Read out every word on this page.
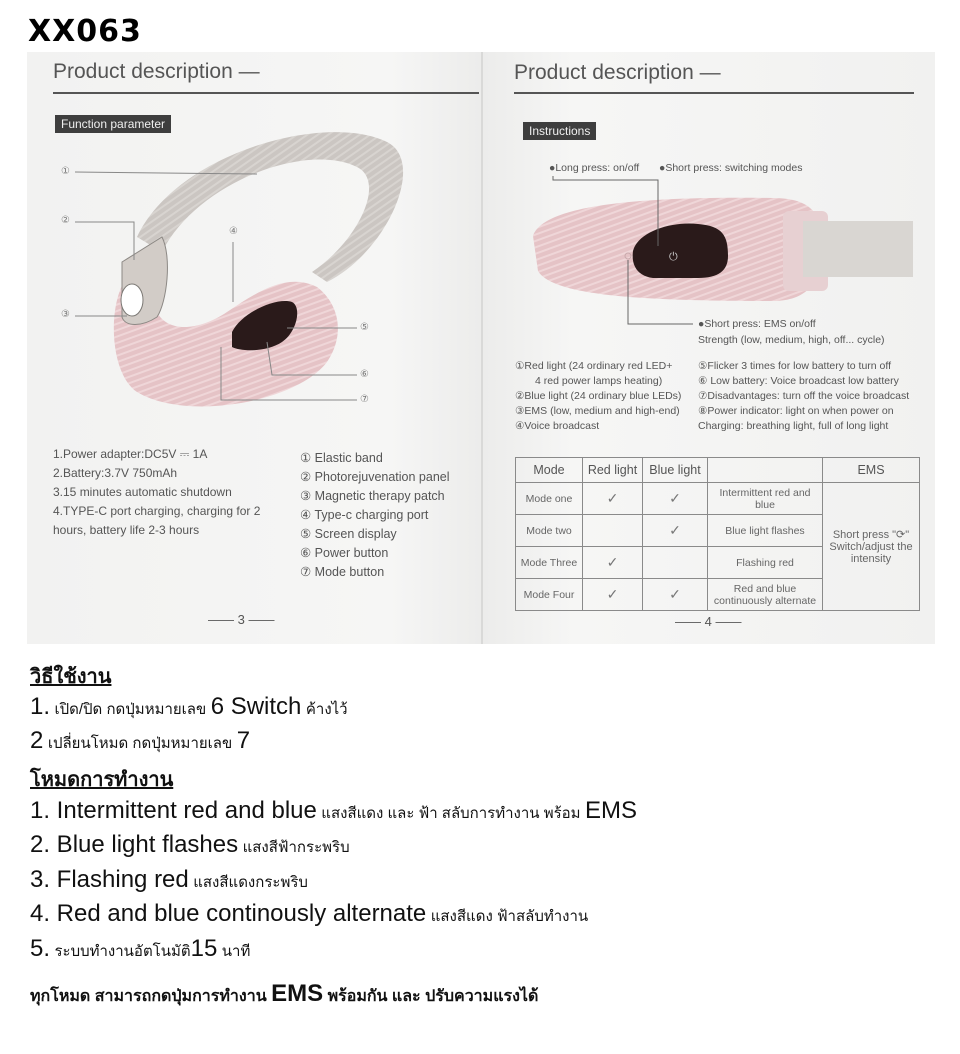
XX063
Product description —
Function parameter
①
②
③
④
⑤
⑥
⑦
1.Power adapter:DC5V ⎓ 1A
2.Battery:3.7V 750mAh
3.15 minutes automatic shutdown
4.TYPE-C port charging, charging for 2
hours, battery life 2-3 hours
① Elastic band
② Photorejuvenation panel
③ Magnetic therapy patch
④ Type-c charging port
⑤ Screen display
⑥ Power button
⑦ Mode button
—— 3 ——
Product description —
Instructions
●Long press: on/off ●Short press: switching modes
⏻
●Short press: EMS on/off
Strength (low, medium, high, off... cycle)
①Red light (24 ordinary red LED+
4 red power lamps heating)
②Blue light (24 ordinary blue LEDs)
③EMS (low, medium and high-end)
④Voice broadcast
⑤Flicker 3 times for low battery to turn off
⑥ Low battery: Voice broadcast low battery
⑦Disadvantages: turn off the voice broadcast
⑧Power indicator: light on when power on
Charging: breathing light, full of long light
Mode	Red light	Blue light		EMS
Mode one	✓	✓	Intermittent red and blue	Short press "⟳" Switch/adjust the intensity
Mode two		✓	Blue light flashes	
Mode Three	✓		Flashing red	
Mode Four	✓	✓	Red and blue continuously alternate	
—— 4 ——
วิธีใช้งาน
1. เปิด/ปิด กดปุ่มหมายเลข 6 Switch ค้างไว้
2 เปลี่ยนโหมด กดปุ่มหมายเลข 7
โหมดการทำงาน
1. Intermittent red and blue แสงสีแดง และ ฟ้า สลับการทำงาน พร้อม EMS
2. Blue light flashes แสงสีฟ้ากระพริบ
3. Flashing red แสงสีแดงกระพริบ
4. Red and blue continously alternate แสงสีแดง ฟ้าสลับทำงาน
5. ระบบทำงานอัตโนมัติ15 นาที
ทุกโหมด สามารถกดปุ่มการทำงาน EMS พร้อมกัน และ ปรับความแรงได้
